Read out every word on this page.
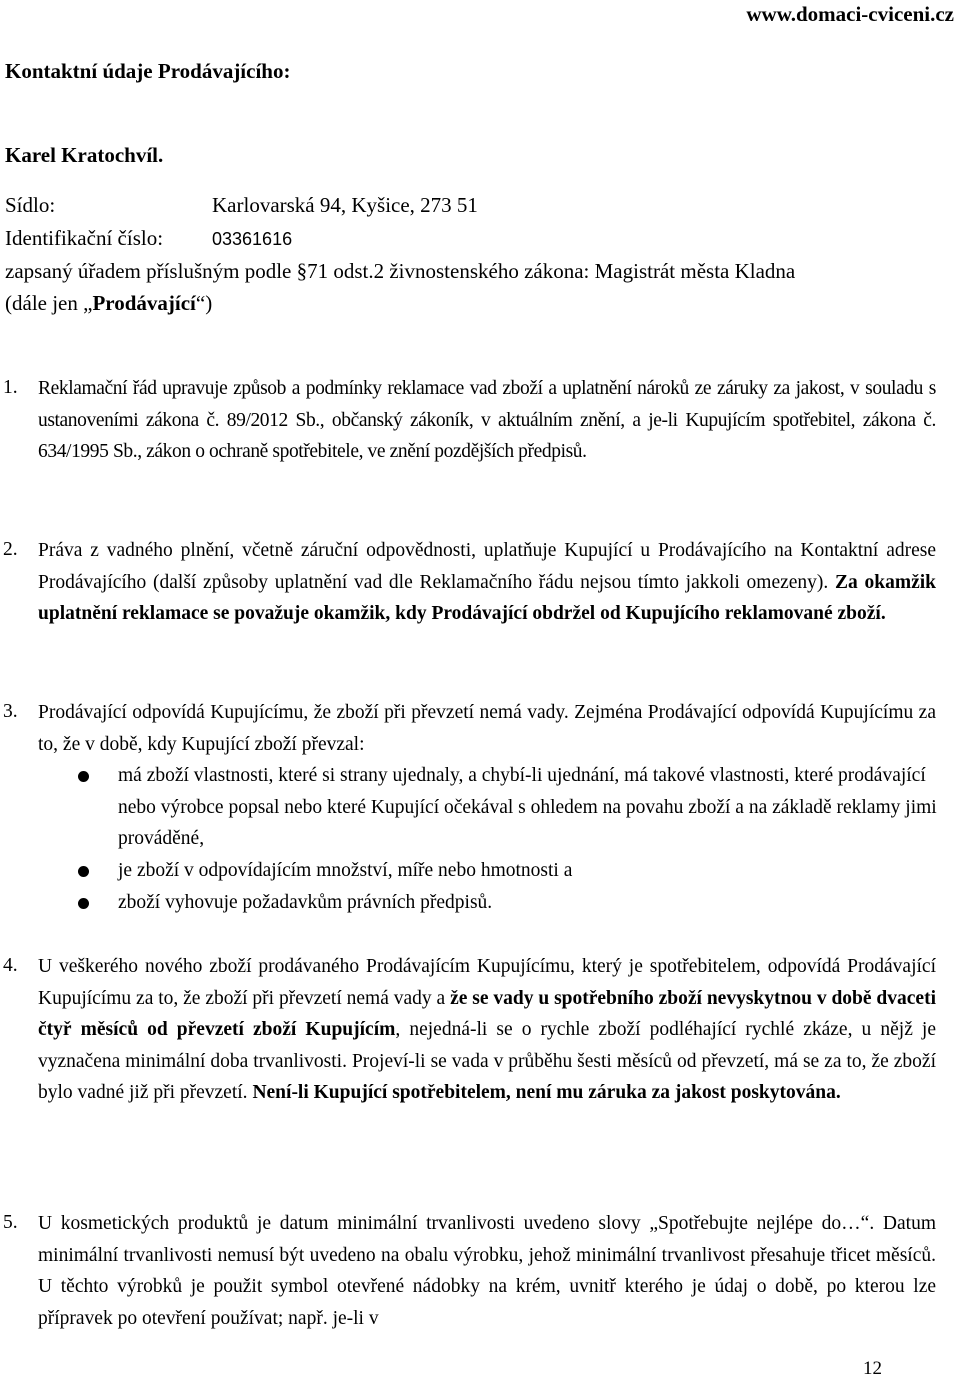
www.domaci-cviceni.cz
Kontaktní údaje Prodávajícího:
Karel Kratochvíl.
Sídlo:	Karlovarská 94, Kyšice, 273 51
Identifikační číslo:	03361616
zapsaný úřadem příslušným podle §71 odst.2 živnostenského zákona: Magistrát města Kladna
(dále jen „Prodávající“)
1. Reklamační řád upravuje způsob a podmínky reklamace vad zboží a uplatnění nároků ze záruky za jakost, v souladu s ustanoveními zákona č. 89/2012 Sb., občanský zákoník, v aktuálním znění, a je-li Kupujícím spotřebitel, zákona č. 634/1995 Sb., zákon o ochraně spotřebitele, ve znění pozdějších předpisů.

2. Práva z vadného plnění, včetně záruční odpovědnosti, uplatňuje Kupující u Prodávajícího na Kontaktní adrese Prodávajícího (další způsoby uplatnění vad dle Reklamačního řádu nejsou tímto jakkoli omezeny). Za okamžik uplatnění reklamace se považuje okamžik, kdy Prodávající obdržel od Kupujícího reklamované zboží.

3. Prodávající odpovídá Kupujícímu, že zboží při převzetí nemá vady. Zejména Prodávající odpovídá Kupujícímu za to, že v době, kdy Kupující zboží převzal:

má zboží vlastnosti, které si strany ujednaly, a chybí-li ujednání, má takové vlastnosti, které prodávající nebo výrobce popsal nebo které Kupující očekával s ohledem na povahu zboží a na základě reklamy jimi prováděné,

je zboží v odpovídajícím množství, míře nebo hmotnosti a

zboží vyhovuje požadavkům právních předpisů.

4. U veškerého nového zboží prodávaného Prodávajícím Kupujícímu, který je spotřebitelem, odpovídá Prodávající Kupujícímu za to, že zboží při převzetí nemá vady a že se vady u spotřebního zboží nevyskytnou v době dvaceti čtyř měsíců od převzetí zboží Kupujícím, nejedná-li se o rychle zboží podléhající rychlé zkáze, u nějž je vyznačena minimální doba trvanlivosti. Projeví-li se vada v průběhu šesti měsíců od převzetí, má se za to, že zboží bylo vadné již při převzetí. Není-li Kupující spotřebitelem, není mu záruka za jakost poskytována.

5. U kosmetických produktů je datum minimální trvanlivosti uvedeno slovy „Spotřebujte nejlépe do…“. Datum minimální trvanlivosti nemusí být uvedeno na obalu výrobku, jehož minimální trvanlivost přesahuje třicet měsíců. U těchto výrobků je použit symbol otevřené nádobky na krém, uvnitř kterého je údaj o době, po kterou lze přípravek po otevření používat; např. je-li v

12
